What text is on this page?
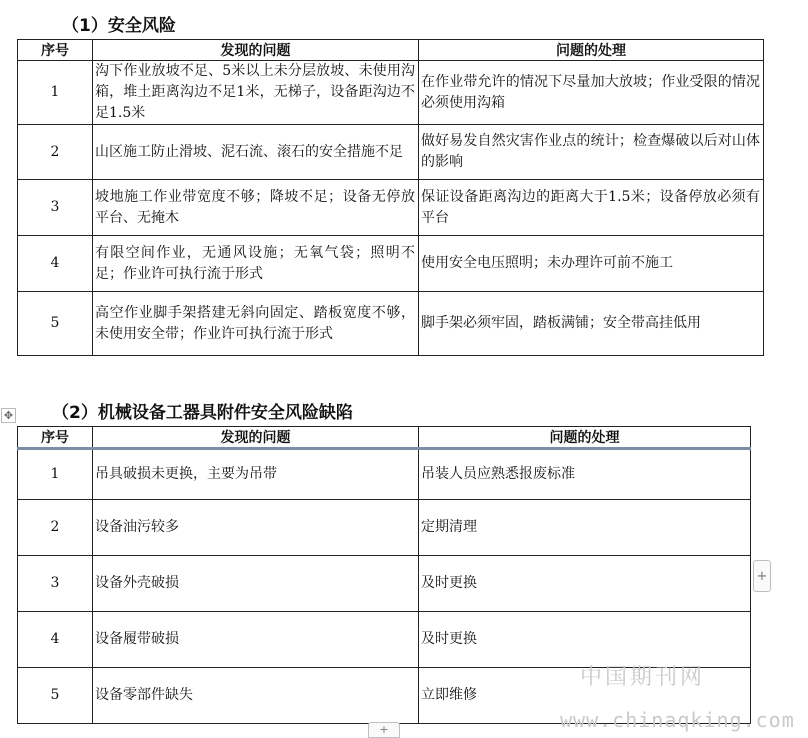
（1）安全风险
序号	发现的问题	问题的处理
1	沟下作业放坡不足、5米以上未分层放坡、未使用沟箱，堆土距离沟边不足1米，无梯子，设备距沟边不足1.5米	在作业带允许的情况下尽量加大放坡；作业受限的情况必须使用沟箱
2	山区施工防止滑坡、泥石流、滚石的安全措施不足	做好易发自然灾害作业点的统计；检查爆破以后对山体的影响
3	坡地施工作业带宽度不够；降坡不足；设备无停放平台、无掩木	保证设备距离沟边的距离大于1.5米；设备停放必须有平台
4	有限空间作业，无通风设施；无氧气袋；照明不足；作业许可执行流于形式	使用安全电压照明；未办理许可前不施工
5	高空作业脚手架搭建无斜向固定、踏板宽度不够，未使用安全带；作业许可执行流于形式	脚手架必须牢固，踏板满铺；安全带高挂低用
✥ （2）机械设备工器具附件安全风险缺陷
序号	发现的问题	问题的处理
1	吊具破损未更换，主要为吊带	吊装人员应熟悉报废标准
2	设备油污较多	定期清理
3	设备外壳破损	及时更换
4	设备履带破损	及时更换
5	设备零部件缺失	立即维修
+
+
中国期刊网
www.chinaqking.com
